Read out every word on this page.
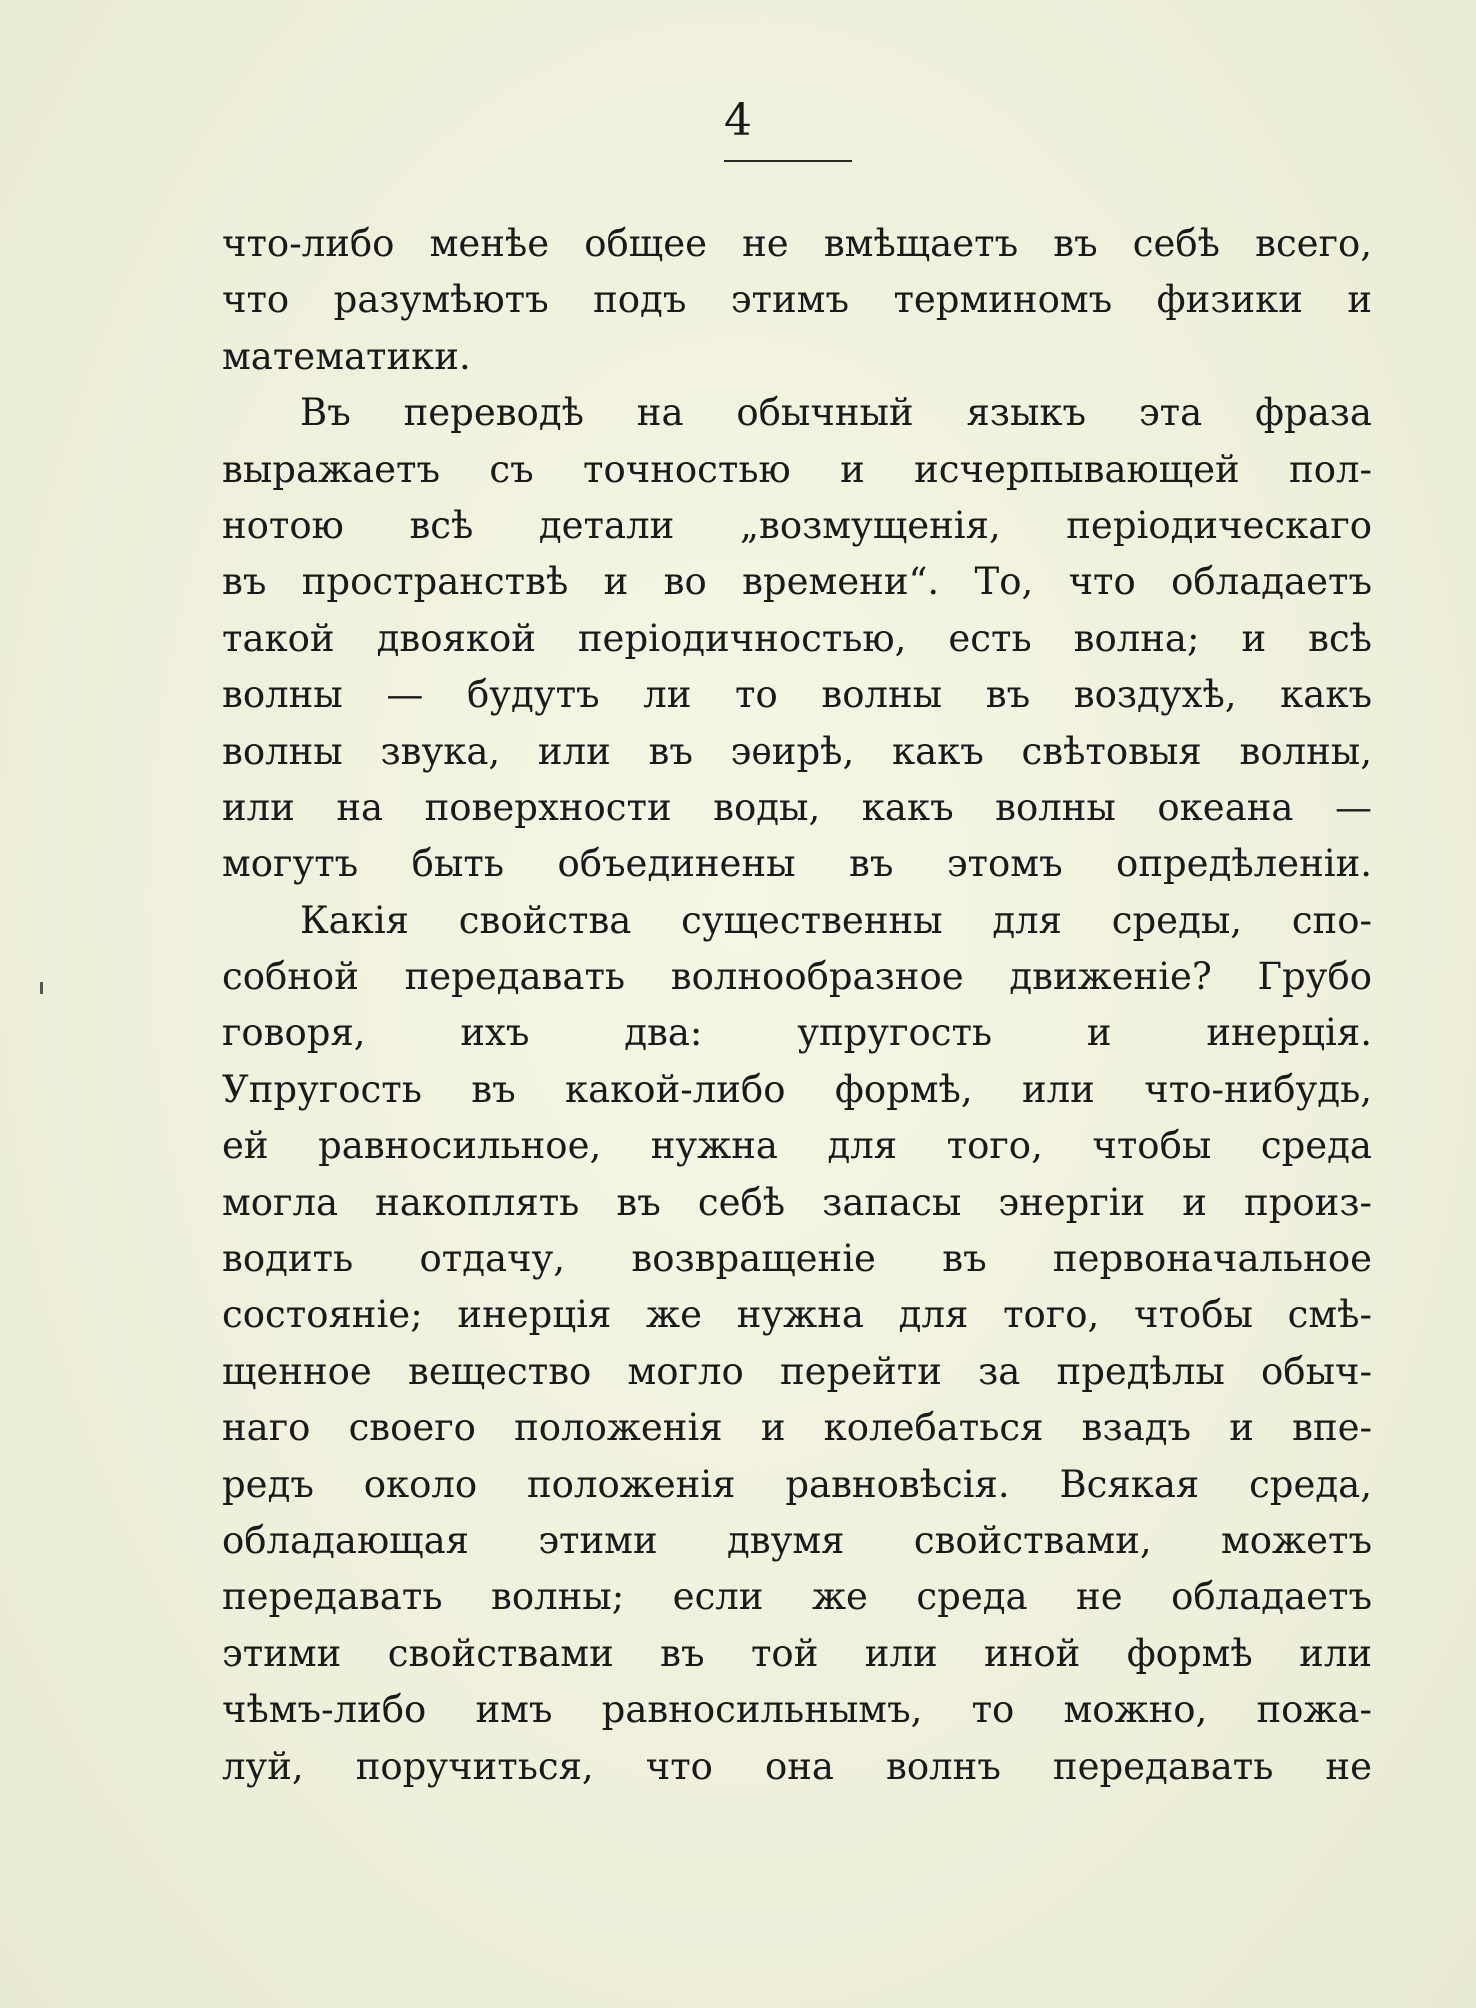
4
что-либо менѣе общее не вмѣщаетъ въ себѣ всего,
что разумѣютъ подъ этимъ терминомъ физики и
математики.
Въ переводѣ на обычный языкъ эта фраза
выражаетъ съ точностью и исчерпывающей пол-
нотою всѣ детали „возмущенія, періодическаго
въ пространствѣ и во времени“. То, что обладаетъ
такой двоякой періодичностью, есть волна; и всѣ
волны — будутъ ли то волны въ воздухѣ, какъ
волны звука, или въ эѳирѣ, какъ свѣтовыя волны,
или на поверхности воды, какъ волны океана —
могутъ быть объединены въ этомъ опредѣленіи.
Какія свойства существенны для среды, спо-
собной передавать волнообразное движеніе? Грубо
говоря, ихъ два: упругость и инерція.
Упругость въ какой-либо формѣ, или что-нибудь,
ей равносильное, нужна для того, чтобы среда
могла накоплять въ себѣ запасы энергіи и произ-
водить отдачу, возвращеніе въ первоначальное
состояніе; инерція же нужна для того, чтобы смѣ-
щенное вещество могло перейти за предѣлы обыч-
наго своего положенія и колебаться взадъ и впе-
редъ около положенія равновѣсія. Всякая среда,
обладающая этими двумя свойствами, можетъ
передавать волны; если же среда не обладаетъ
этими свойствами въ той или иной формѣ или
чѣмъ-либо имъ равносильнымъ, то можно, пожа-
луй, поручиться, что она волнъ передавать не
